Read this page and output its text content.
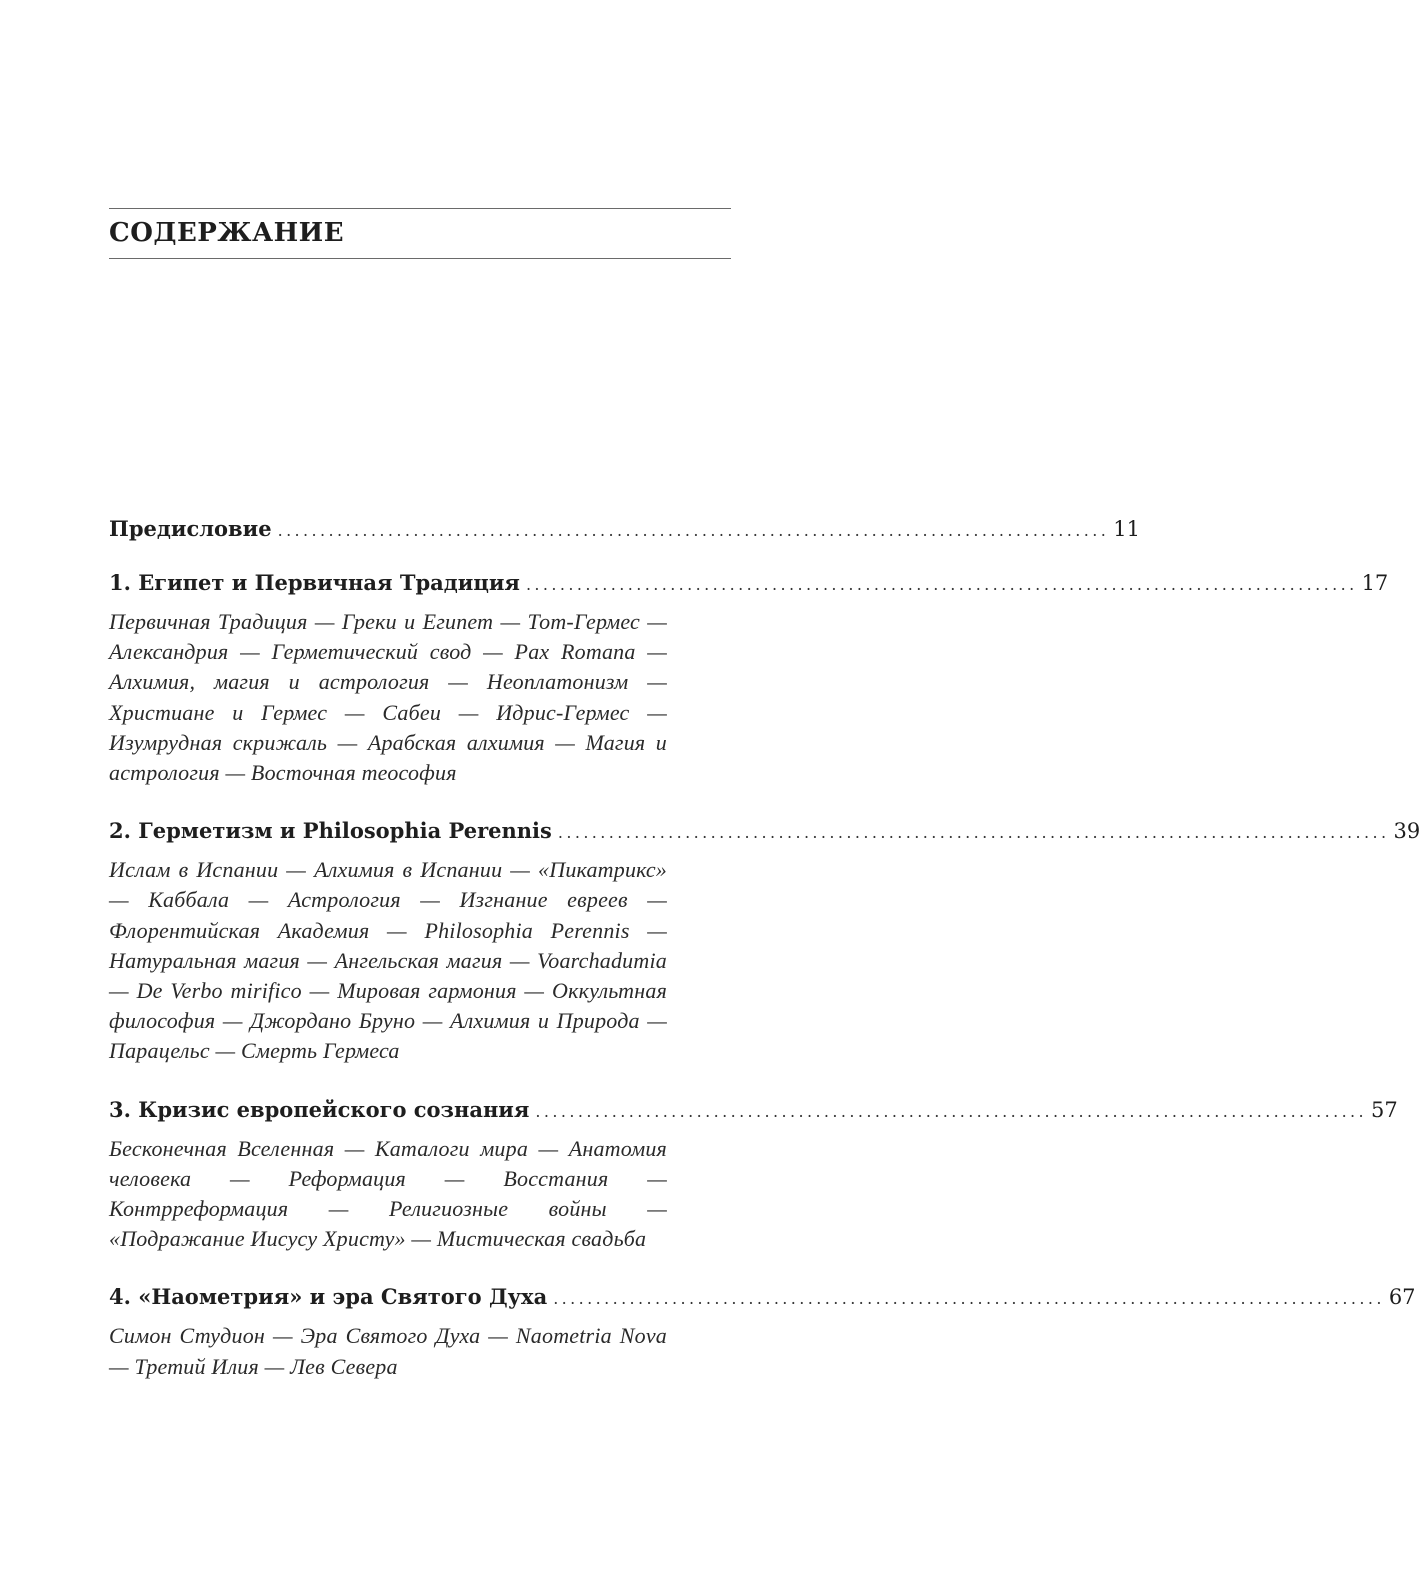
СОДЕРЖАНИЕ
Предисловие .................................................................................................. 11
1. Египет и Первичная Традиция .................................................................................................. 17
Первичная Традиция — Греки и Египет — Тот-Гермес — Александрия — Герметический свод — Pax Romana — Алхимия, магия и астрология — Неоплатонизм — Христиане и Гермес — Сабеи — Идрис-Гермес — Изумрудная скрижаль — Арабская алхимия — Магия и астрология — Восточная теософия
2. Герметизм и Philosophia Perennis .................................................................................................. 39
Ислам в Испании — Алхимия в Испании — «Пикатрикс» — Каббала — Астрология — Изгнание евреев — Флорентийская Академия — Philosophia Perennis — Натуральная магия — Ангельская магия — Voarchadumia — De Verbo mirifico — Мировая гармония — Оккультная философия — Джордано Бруно — Алхимия и Природа — Парацельс — Смерть Гермеса
3. Кризис европейского сознания .................................................................................................. 57
Бесконечная Вселенная — Каталоги мира — Анатомия человека — Реформация — Восстания — Контрреформация — Религиозные войны — «Подражание Иисусу Христу» — Мистическая свадьба
4. «Наометрия» и эра Святого Духа .................................................................................................. 67
Симон Студион — Эра Святого Духа — Naometria Nova — Третий Илия — Лев Севера
